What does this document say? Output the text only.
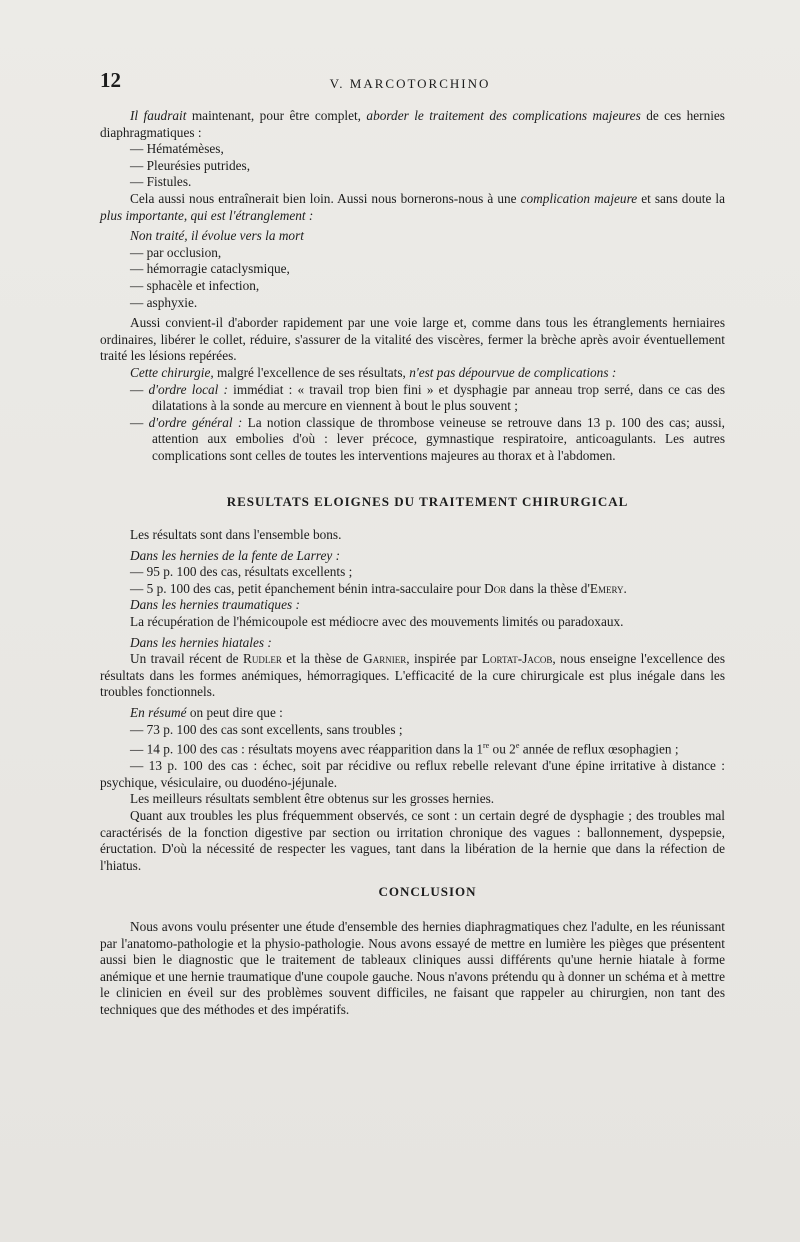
12	V. MARCOTORCHINO

Il faudrait maintenant, pour être complet, aborder le traitement des complications majeures de ces hernies diaphragmatiques :

— Hématémèses,

— Pleurésies putrides,

— Fistules.

Cela aussi nous entraînerait bien loin. Aussi nous bornerons-nous à une complication majeure et sans doute la plus importante, qui est l'étranglement :

Non traité, il évolue vers la mort

— par occlusion,

— hémorragie cataclysmique,

— sphacèle et infection,

— asphyxie.

Aussi convient-il d'aborder rapidement par une voie large et, comme dans tous les étranglements herniaires ordinaires, libérer le collet, réduire, s'assurer de la vitalité des viscères, fermer la brèche après avoir éventuellement traité les lésions repérées.

Cette chirurgie, malgré l'excellence de ses résultats, n'est pas dépourvue de complications :

— d'ordre local : immédiat : « travail trop bien fini » et dysphagie par anneau trop serré, dans ce cas des dilatations à la sonde au mercure en viennent à bout le plus souvent ;

— d'ordre général : La notion classique de thrombose veineuse se retrouve dans 13 p. 100 des cas; aussi, attention aux embolies d'où : lever précoce, gymnastique respiratoire, anticoagulants. Les autres complications sont celles de toutes les interventions majeures au thorax et à l'abdomen.

RESULTATS ELOIGNES DU TRAITEMENT CHIRURGICAL

Les résultats sont dans l'ensemble bons.

Dans les hernies de la fente de Larrey :

— 95 p. 100 des cas, résultats excellents ;

— 5 p. 100 des cas, petit épanchement bénin intra-sacculaire pour Dor dans la thèse d'Emery.

Dans les hernies traumatiques :

La récupération de l'hémicoupole est médiocre avec des mouvements limités ou paradoxaux.

Dans les hernies hiatales :

Un travail récent de Rudler et la thèse de Garnier, inspirée par Lortat-Jacob, nous enseigne l'excellence des résultats dans les formes anémiques, hémorragiques. L'efficacité de la cure chirurgicale est plus inégale dans les troubles fonctionnels.

En résumé on peut dire que :

— 73 p. 100 des cas sont excellents, sans troubles ;

— 14 p. 100 des cas : résultats moyens avec réapparition dans la 1re ou 2e année de reflux œsophagien ;

— 13 p. 100 des cas : échec, soit par récidive ou reflux rebelle relevant d'une épine irritative à distance : psychique, vésiculaire, ou duodéno-jéjunale.

Les meilleurs résultats semblent être obtenus sur les grosses hernies.

Quant aux troubles les plus fréquemment observés, ce sont : un certain degré de dysphagie ; des troubles mal caractérisés de la fonction digestive par section ou irritation chronique des vagues : ballonnement, dyspepsie, éructation. D'où la nécessité de respecter les vagues, tant dans la libération de la hernie que dans la réfection de l'hiatus.

CONCLUSION

Nous avons voulu présenter une étude d'ensemble des hernies diaphragmatiques chez l'adulte, en les réunissant par l'anatomo-pathologie et la physio-pathologie. Nous avons essayé de mettre en lumière les pièges que présentent aussi bien le diagnostic que le traitement de tableaux cliniques aussi différents qu'une hernie hiatale à forme anémique et une hernie traumatique d'une coupole gauche. Nous n'avons prétendu qu à donner un schéma et à mettre le clinicien en éveil sur des problèmes souvent difficiles, ne faisant que rappeler au chirurgien, non tant des techniques que des méthodes et des impératifs.
